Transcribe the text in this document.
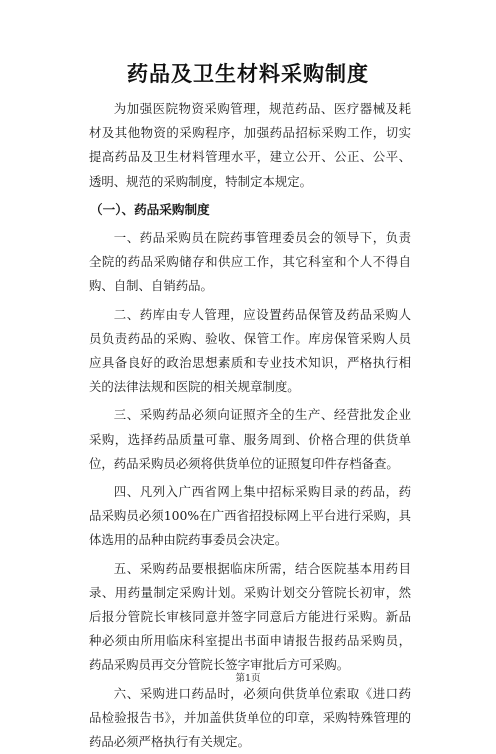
药品及卫生材料采购制度

为加强医院物资采购管理，规范药品、医疗器械及耗材及其他物资的采购程序，加强药品招标采购工作，切实提高药品及卫生材料管理水平，建立公开、公正、公平、透明、规范的采购制度，特制定本规定。

（一）、药品采购制度

一、药品采购员在院药事管理委员会的领导下，负责全院的药品采购储存和供应工作，其它科室和个人不得自购、自制、自销药品。

二、药库由专人管理，应设置药品保管及药品采购人员负责药品的采购、验收、保管工作。库房保管采购人员应具备良好的政治思想素质和专业技术知识，严格执行相关的法律法规和医院的相关规章制度。

三、采购药品必须向证照齐全的生产、经营批发企业采购，选择药品质量可靠、服务周到、价格合理的供货单位，药品采购员必须将供货单位的证照复印件存档备查。

四、凡列入广西省网上集中招标采购目录的药品，药品采购员必须100%在广西省招投标网上平台进行采购，具体选用的品种由院药事委员会决定。

五、采购药品要根据临床所需，结合医院基本用药目录、用药量制定采购计划。采购计划交分管院长初审，然后报分管院长审核同意并签字同意后方能进行采购。新品种必须由所用临床科室提出书面申请报告报药品采购员，药品采购员再交分管院长签字审批后方可采购。

六、采购进口药品时，必须向供货单位索取《进口药品检验报告书》，并加盖供货单位的印章，采购特殊管理的药品必须严格执行有关规定。

第1页
